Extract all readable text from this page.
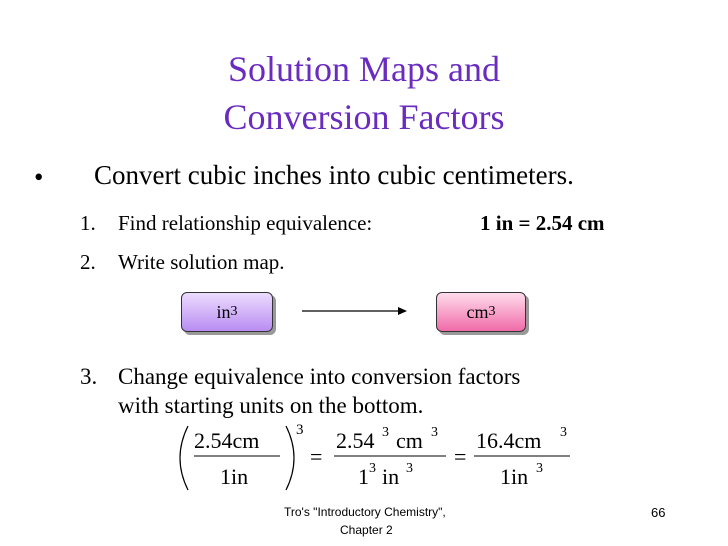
Solution Maps and
Conversion Factors
• Convert cubic inches into cubic centimeters.
1. Find relationship equivalence:	1 in = 2.54 cm
2. Write solution map.
in 3	cm 3
3. Change equivalence into conversion factors
with starting units on the bottom.
2.54cm
1in
3
=
2.54 3 cm 3
1 3 in 3 =
16.4cm 3
1in 3
Tro's "Introductory Chemistry",
Chapter 2
66
